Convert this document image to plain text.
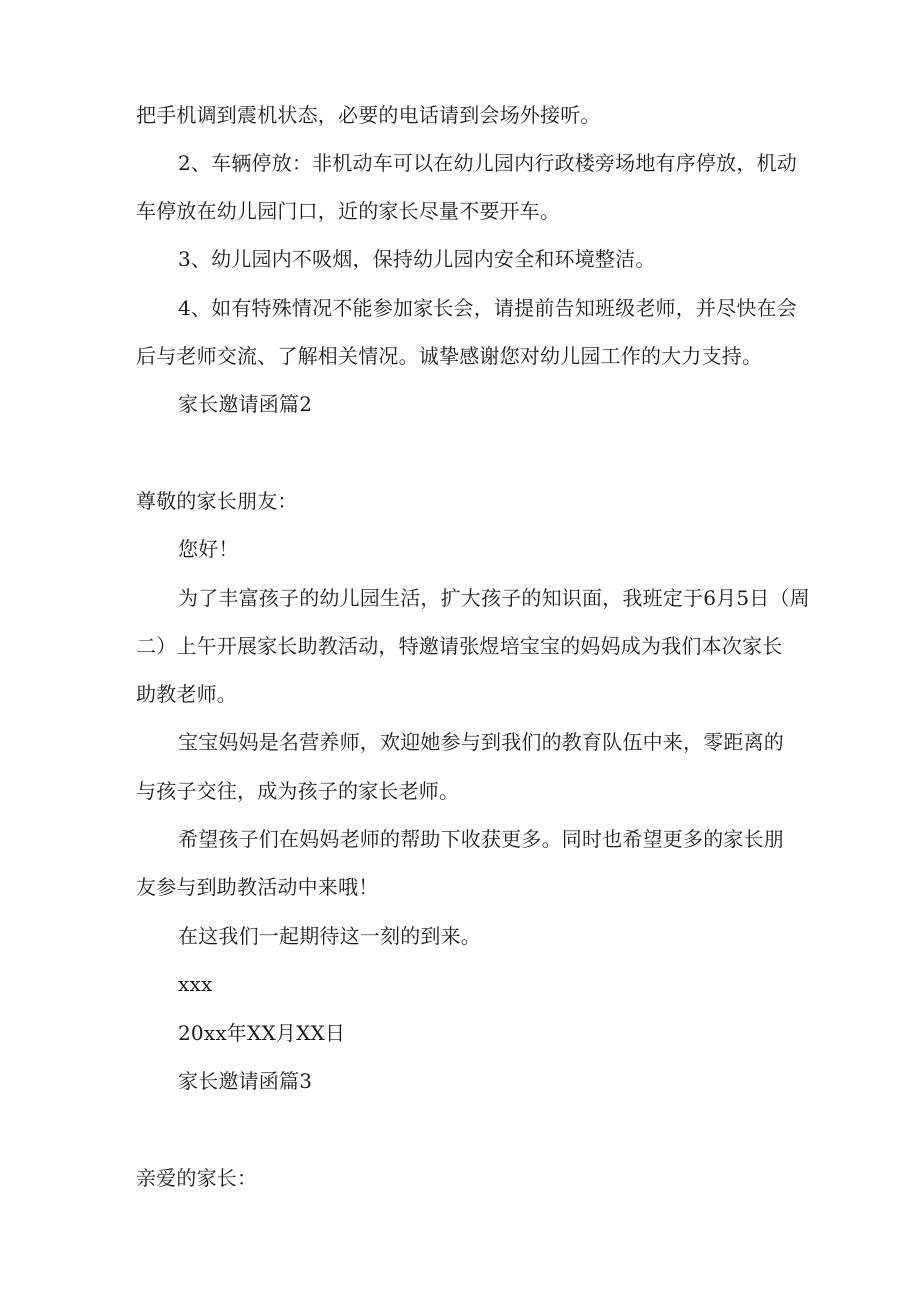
把手机调到震机状态，必要的电话请到会场外接听。
2、车辆停放：非机动车可以在幼儿园内行政楼旁场地有序停放，机动
车停放在幼儿园门口，近的家长尽量不要开车。
3、幼儿园内不吸烟，保持幼儿园内安全和环境整洁。
4、如有特殊情况不能参加家长会，请提前告知班级老师，并尽快在会
后与老师交流、了解相关情况。诚挚感谢您对幼儿园工作的大力支持。
家长邀请函篇2
尊敬的家长朋友：
您好！
为了丰富孩子的幼儿园生活，扩大孩子的知识面，我班定于6月5日（周
二）上午开展家长助教活动，特邀请张煜培宝宝的妈妈成为我们本次家长
助教老师。
宝宝妈妈是名营养师，欢迎她参与到我们的教育队伍中来，零距离的
与孩子交往，成为孩子的家长老师。
希望孩子们在妈妈老师的帮助下收获更多。同时也希望更多的家长朋
友参与到助教活动中来哦！
在这我们一起期待这一刻的到来。
xxx
20xx年XX月XX日
家长邀请函篇3
亲爱的家长：
